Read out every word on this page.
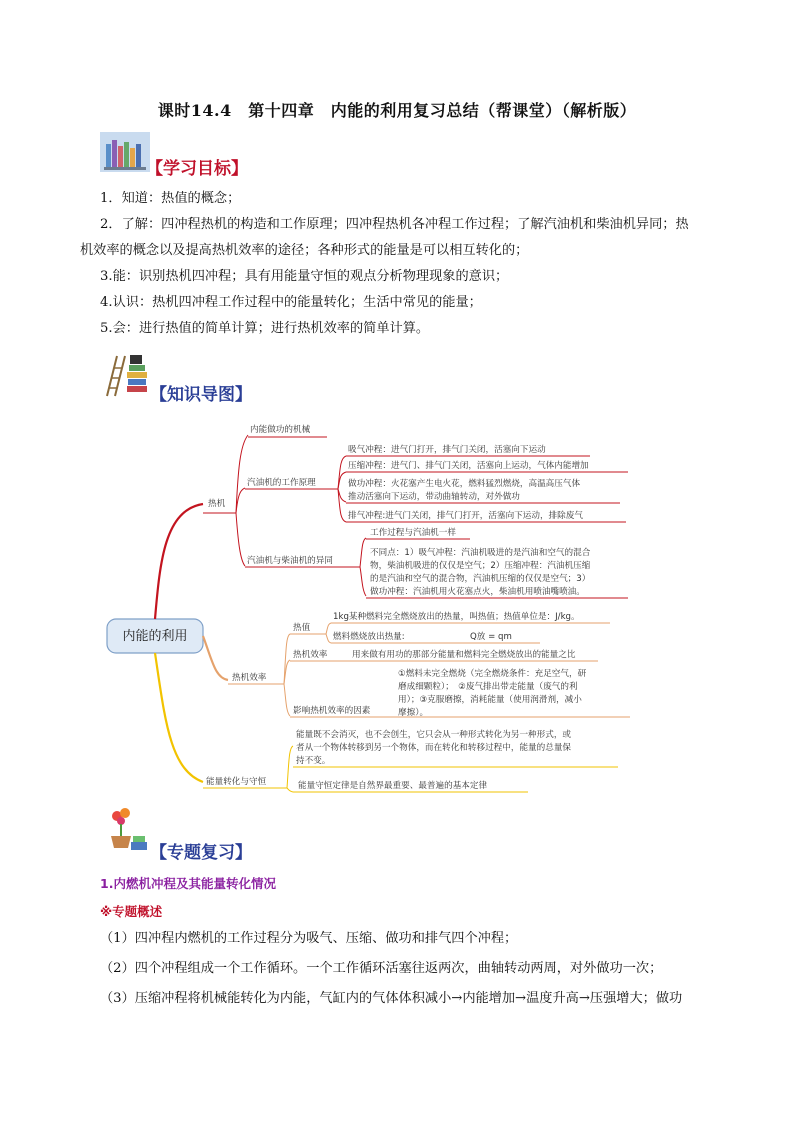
课时14.4　第十四章　内能的利用复习总结（帮课堂）（解析版）
【学习目标】
1．知道：热值的概念；
2．了解：四冲程热机的构造和工作原理；四冲程热机各冲程工作过程；了解汽油机和柴油机异同；热
机效率的概念以及提高热机效率的途径；各种形式的能量是可以相互转化的；
3.能：识别热机四冲程；具有用能量守恒的观点分析物理现象的意识；
4.认识：热机四冲程工作过程中的能量转化；生活中常见的能量；
5.会：进行热值的简单计算；进行热机效率的简单计算。
【知识导图】
内能的利用
热机
内能做功的机械
汽油机的工作原理
吸气冲程：进气门打开，排气门关闭，活塞向下运动
压缩冲程：进气门、排气门关闭，活塞向上运动，气体内能增加
做功冲程：火花塞产生电火花，燃料猛烈燃烧，高温高压气体
推动活塞向下运动，带动曲轴转动，对外做功
排气冲程:进气门关闭，排气门打开，活塞向下运动，排除废气
汽油机与柴油机的异同
工作过程与汽油机一样
不同点：1）吸气冲程：汽油机吸进的是汽油和空气的混合
物，柴油机吸进的仅仅是空气；2）压缩冲程：汽油机压缩
的是汽油和空气的混合物，汽油机压缩的仅仅是空气；3）
做功冲程：汽油机用火花塞点火，柴油机用喷油嘴喷油。
热机效率
热值
1kg某种燃料完全燃烧放出的热量，叫热值；热值单位是：J/kg。
燃料燃烧放出热量:	Q放 = qm
热机效率	用来做有用功的那部分能量和燃料完全燃烧放出的能量之比
①燃料未完全燃烧（完全燃烧条件：充足空气，研
磨成细颗粒）；　②废气排出带走能量（废气的利
用）；③克服磨擦，消耗能量（使用润滑剂，减小
摩擦）。
影响热机效率的因素
能量转化与守恒
能量既不会消灭，也不会创生，它只会从一种形式转化为另一种形式，或
者从一个物体转移到另一个物体，而在转化和转移过程中，能量的总量保
持不变。
能量守恒定律是自然界最重要、最普遍的基本定律
【专题复习】
1.内燃机冲程及其能量转化情况
※专题概述
（1）四冲程内燃机的工作过程分为吸气、压缩、做功和排气四个冲程；
（2）四个冲程组成一个工作循环。一个工作循环活塞往返两次，曲轴转动两周，对外做功一次；
（3）压缩冲程将机械能转化为内能，气缸内的气体体积减小→内能增加→温度升高→压强增大；做功
